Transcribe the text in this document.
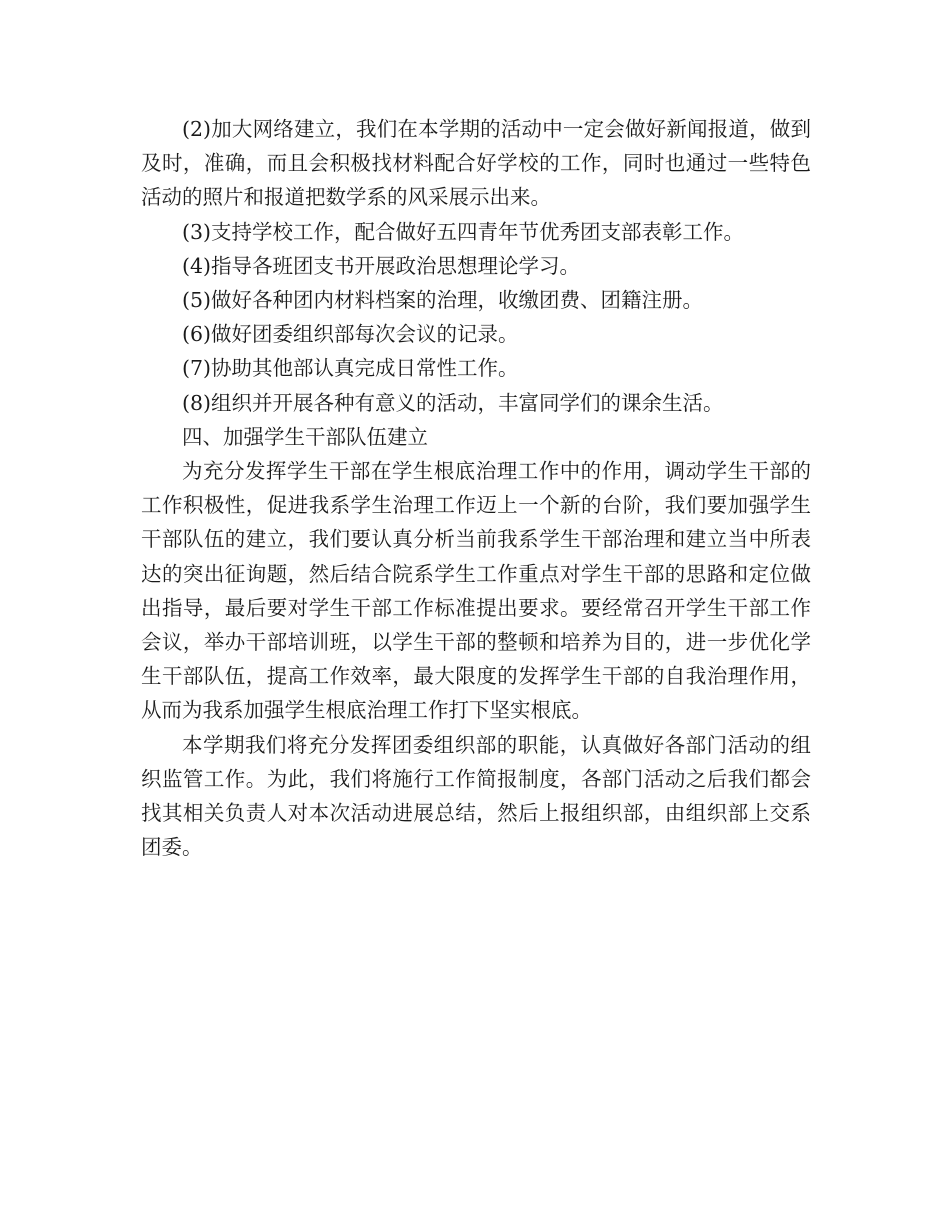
(2)加大网络建立，我们在本学期的活动中一定会做好新闻报道，做到及时，准确，而且会积极找材料配合好学校的工作，同时也通过一些特色活动的照片和报道把数学系的风采展示出来。

(3)支持学校工作，配合做好五四青年节优秀团支部表彰工作。

(4)指导各班团支书开展政治思想理论学习。

(5)做好各种团内材料档案的治理，收缴团费、团籍注册。

(6)做好团委组织部每次会议的记录。

(7)协助其他部认真完成日常性工作。

(8)组织并开展各种有意义的活动，丰富同学们的课余生活。

四、加强学生干部队伍建立

为充分发挥学生干部在学生根底治理工作中的作用，调动学生干部的工作积极性，促进我系学生治理工作迈上一个新的台阶，我们要加强学生干部队伍的建立，我们要认真分析当前我系学生干部治理和建立当中所表达的突出征询题，然后结合院系学生工作重点对学生干部的思路和定位做出指导，最后要对学生干部工作标准提出要求。要经常召开学生干部工作会议，举办干部培训班，以学生干部的整顿和培养为目的，进一步优化学生干部队伍，提高工作效率，最大限度的发挥学生干部的自我治理作用，从而为我系加强学生根底治理工作打下坚实根底。

本学期我们将充分发挥团委组织部的职能，认真做好各部门活动的组织监管工作。为此，我们将施行工作简报制度，各部门活动之后我们都会找其相关负责人对本次活动进展总结，然后上报组织部，由组织部上交系团委。
